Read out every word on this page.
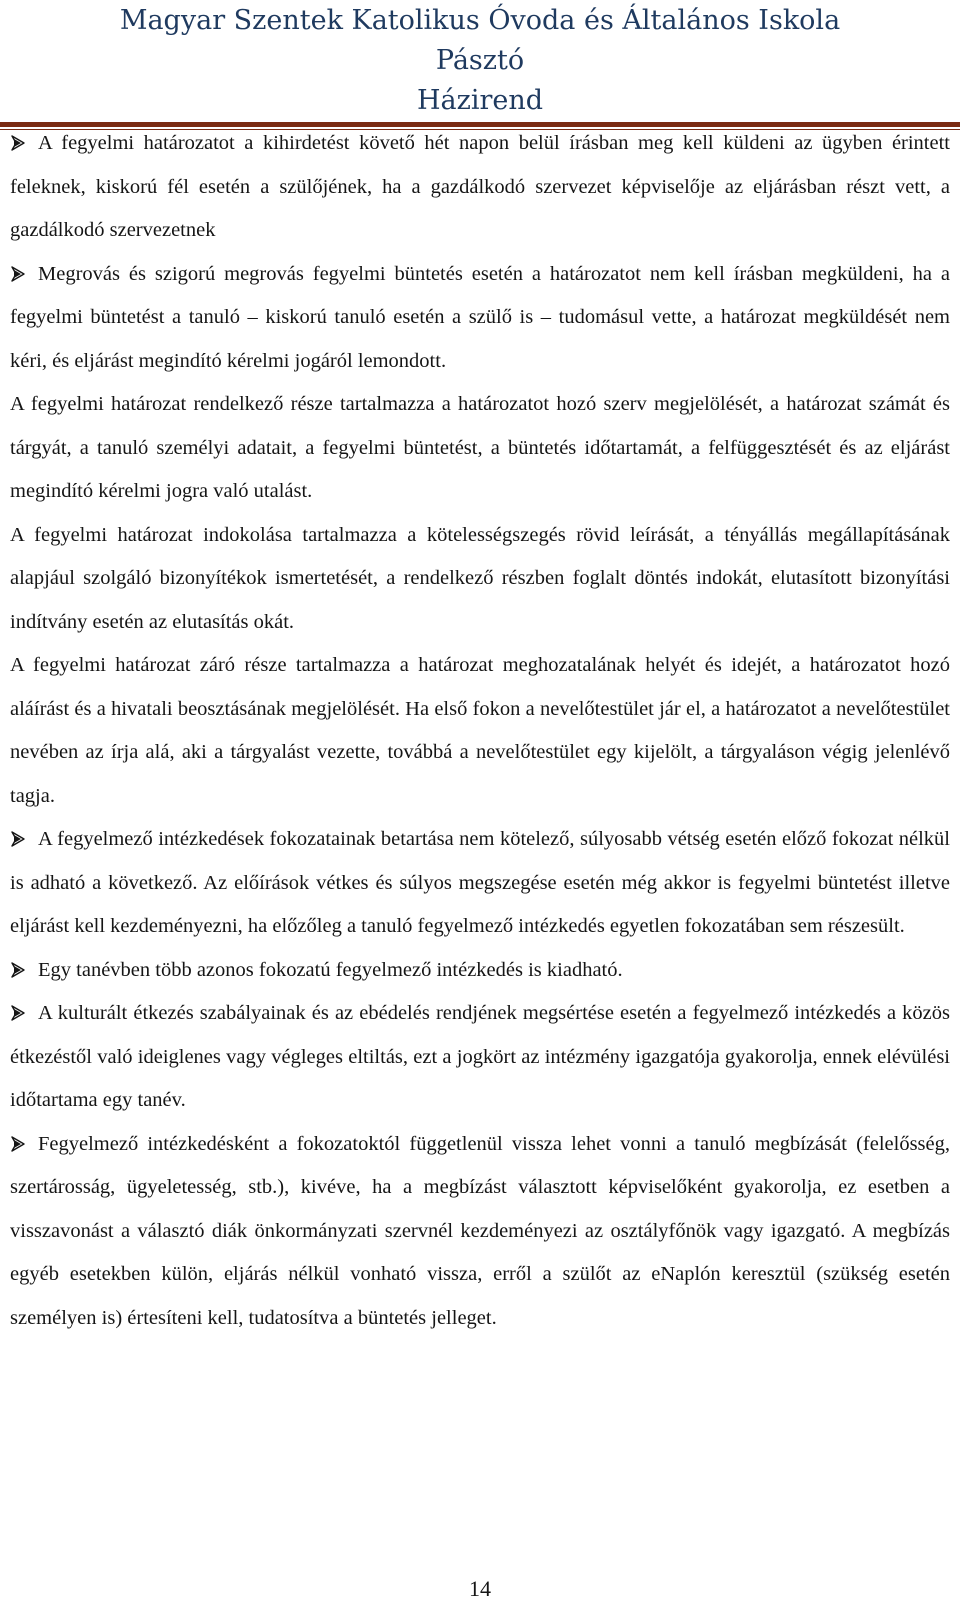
Magyar Szentek Katolikus Óvoda és Általános Iskola
Pásztó
Házirend

A fegyelmi határozatot a kihirdetést követő hét napon belül írásban meg kell küldeni az ügyben érintett feleknek, kiskorú fél esetén a szülőjének, ha a gazdálkodó szervezet képviselője az eljárásban részt vett, a gazdálkodó szervezetnek

Megrovás és szigorú megrovás fegyelmi büntetés esetén a határozatot nem kell írásban megküldeni, ha a fegyelmi büntetést a tanuló – kiskorú tanuló esetén a szülő is – tudomásul vette, a határozat megküldését nem kéri, és eljárást megindító kérelmi jogáról lemondott.

A fegyelmi határozat rendelkező része tartalmazza a határozatot hozó szerv megjelölését, a határozat számát és tárgyát, a tanuló személyi adatait, a fegyelmi büntetést, a büntetés időtartamát, a felfüggesztését és az eljárást megindító kérelmi jogra való utalást.

A fegyelmi határozat indokolása tartalmazza a kötelességszegés rövid leírását, a tényállás megállapításának alapjául szolgáló bizonyítékok ismertetését, a rendelkező részben foglalt döntés indokát, elutasított bizonyítási indítvány esetén az elutasítás okát.

A fegyelmi határozat záró része tartalmazza a határozat meghozatalának helyét és idejét, a határozatot hozó aláírást és a hivatali beosztásának megjelölését. Ha első fokon a nevelőtestület jár el, a határozatot a nevelőtestület nevében az írja alá, aki a tárgyalást vezette, továbbá a nevelőtestület egy kijelölt, a tárgyaláson végig jelenlévő tagja.

A fegyelmező intézkedések fokozatainak betartása nem kötelező, súlyosabb vétség esetén előző fokozat nélkül is adható a következő. Az előírások vétkes és súlyos megszegése esetén még akkor is fegyelmi büntetést illetve eljárást kell kezdeményezni, ha előzőleg a tanuló fegyelmező intézkedés egyetlen fokozatában sem részesült.

Egy tanévben több azonos fokozatú fegyelmező intézkedés is kiadható.

A kulturált étkezés szabályainak és az ebédelés rendjének megsértése esetén a fegyelmező intézkedés a közös étkezéstől való ideiglenes vagy végleges eltiltás, ezt a jogkört az intézmény igazgatója gyakorolja, ennek elévülési időtartama egy tanév.

Fegyelmező intézkedésként a fokozatoktól függetlenül vissza lehet vonni a tanuló megbízását (felelősség, szertárosság, ügyeletesség, stb.), kivéve, ha a megbízást választott képviselőként gyakorolja, ez esetben a visszavonást a választó diák önkormányzati szervnél kezdeményezi az osztályfőnök vagy igazgató. A megbízás egyéb esetekben külön, eljárás nélkül vonható vissza, erről a szülőt az eNaplón keresztül (szükség esetén személyen is) értesíteni kell, tudatosítva a büntetés jelleget.

14
